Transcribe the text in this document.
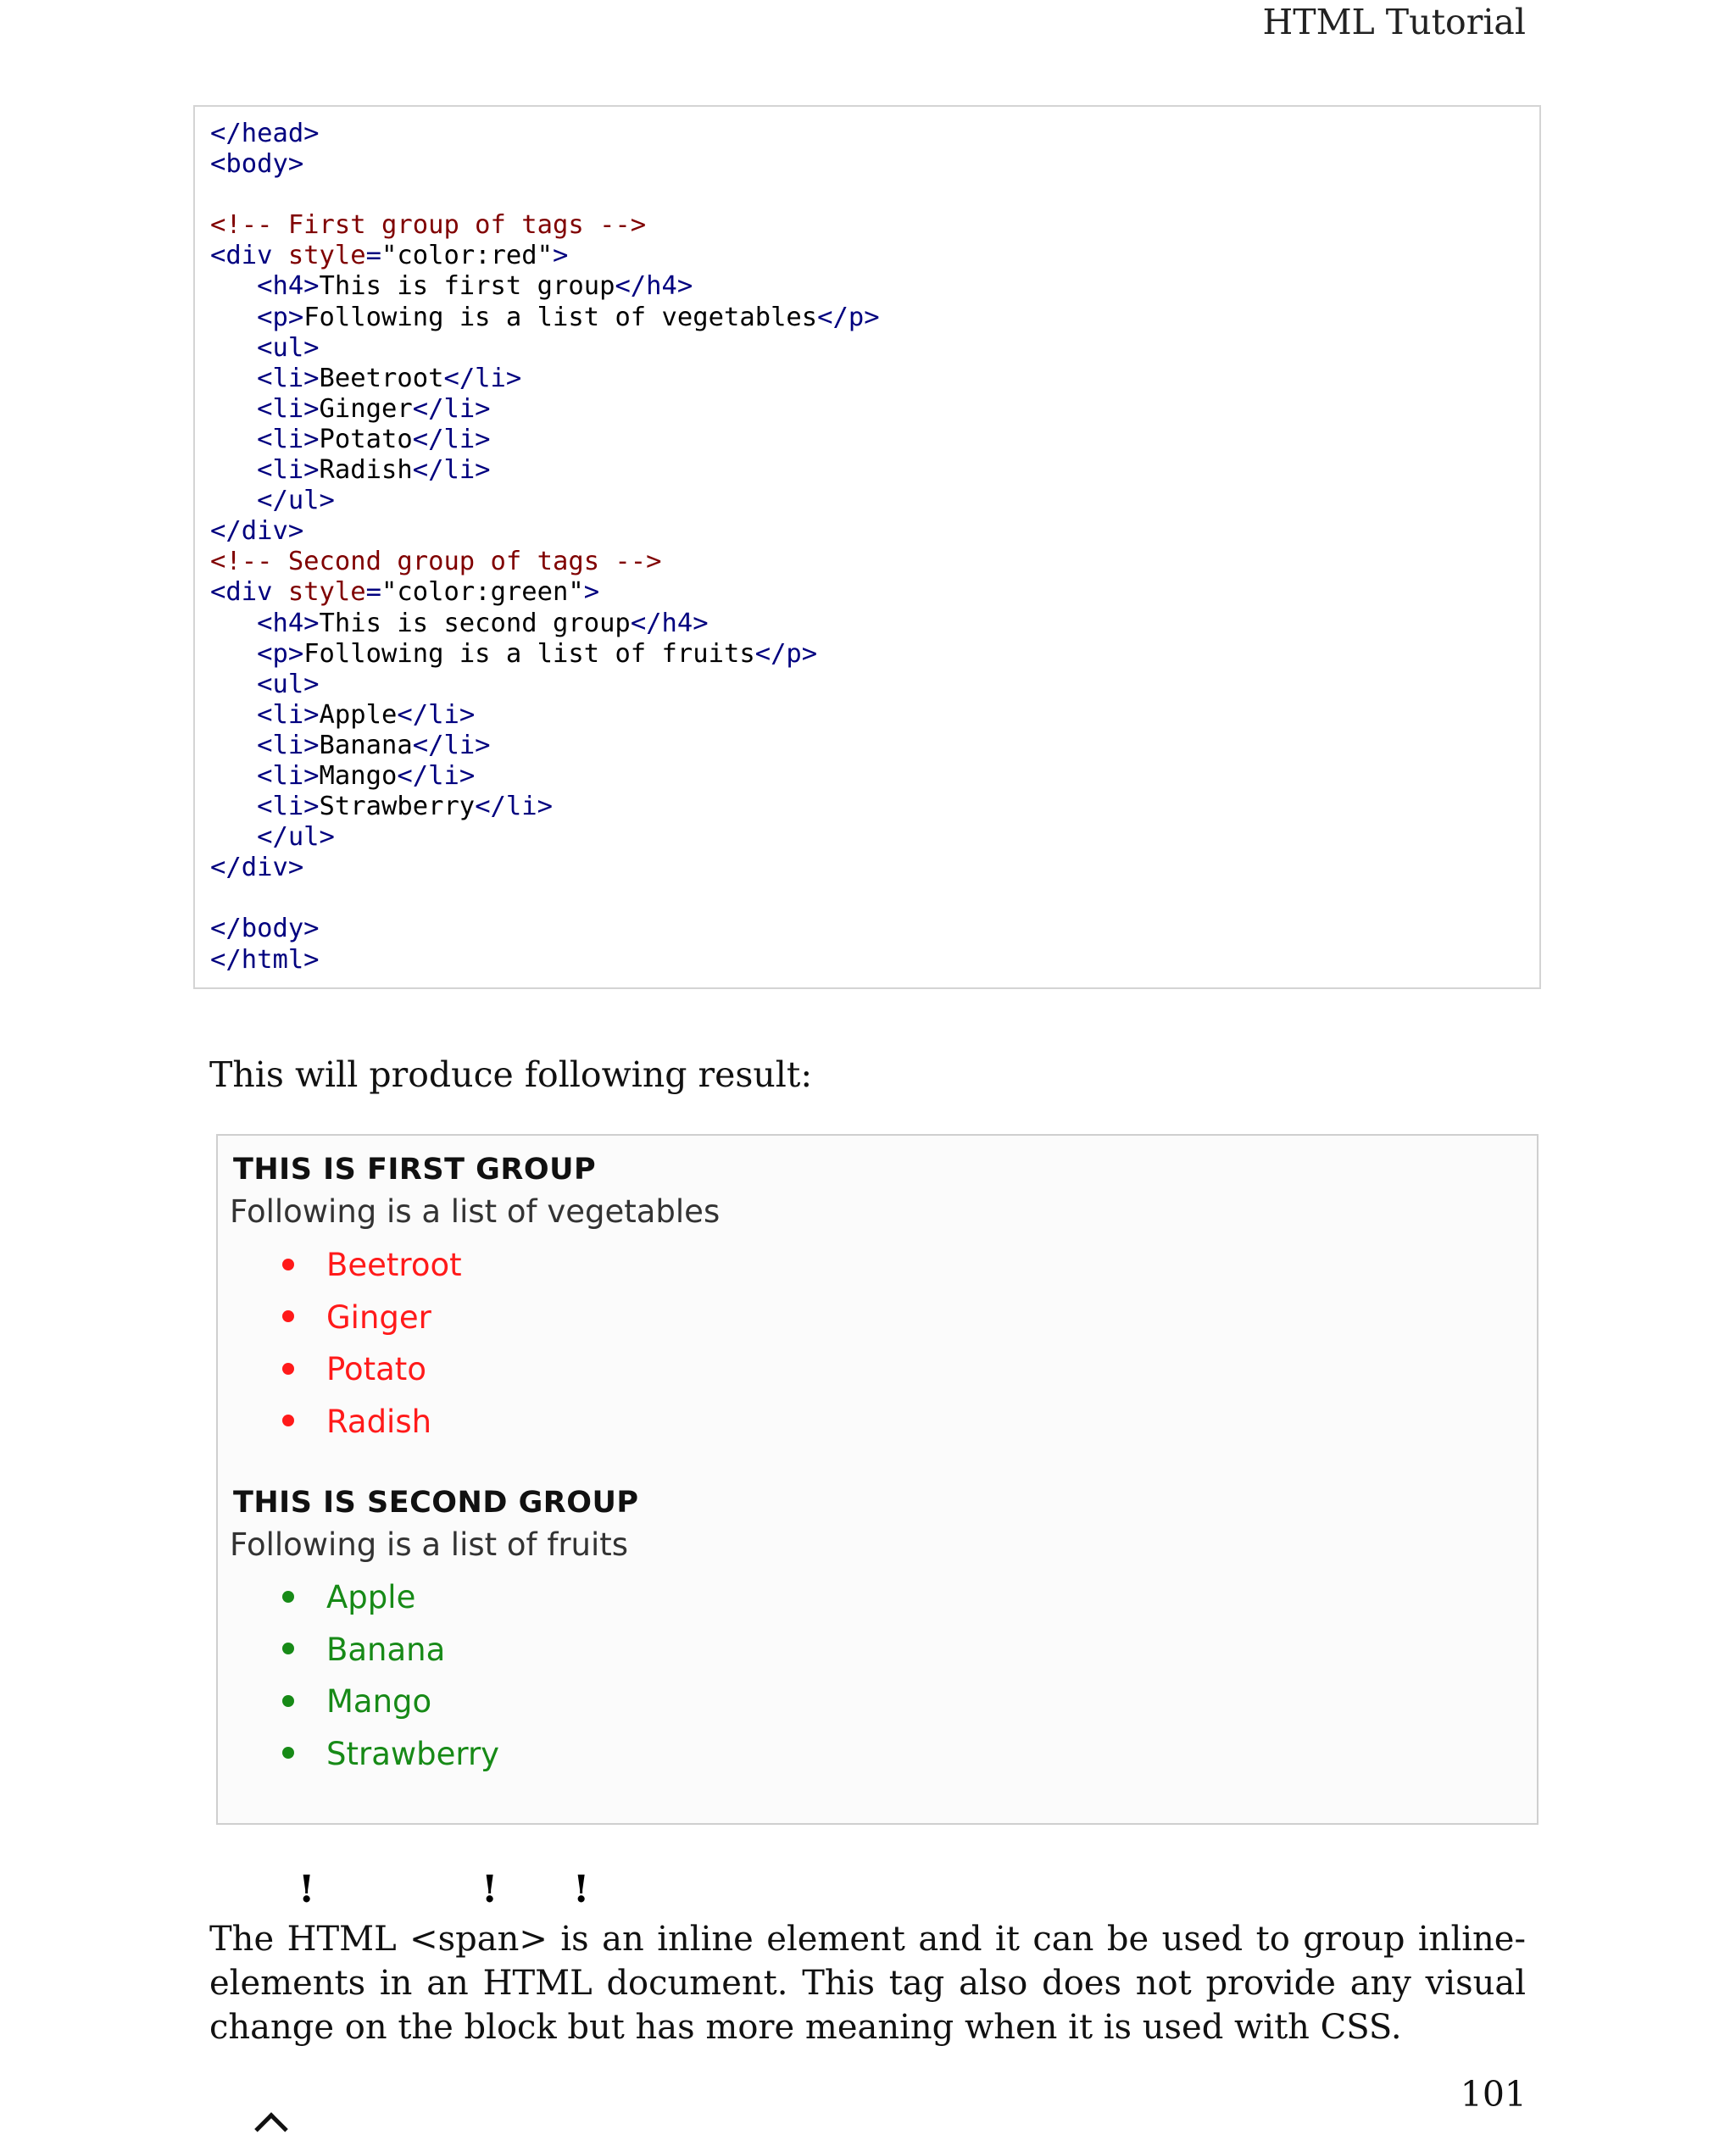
HTML Tutorial
</head>
<body>

<!-- First group of tags -->
<div style="color:red">
<h4>This is first group</h4>
<p>Following is a list of vegetables</p>
<ul>
<li>Beetroot</li>
<li>Ginger</li>
<li>Potato</li>
<li>Radish</li>
</ul>
</div>
<!-- Second group of tags -->
<div style="color:green">
<h4>This is second group</h4>
<p>Following is a list of fruits</p>
<ul>
<li>Apple</li>
<li>Banana</li>
<li>Mango</li>
<li>Strawberry</li>
</ul>
</div>

</body>
</html>
This will produce following result:
THIS IS FIRST GROUP
Following is a list of vegetables
Beetroot
Ginger
Potato
Radish
THIS IS SECOND GROUP
Following is a list of fruits
Apple
Banana
Mango
Strawberry
!	! !
The HTML <span> is an inline element and it can be used to group inline-elements in an HTML document. This tag also does not provide any visual change on the block but has more meaning when it is used with CSS.
101
